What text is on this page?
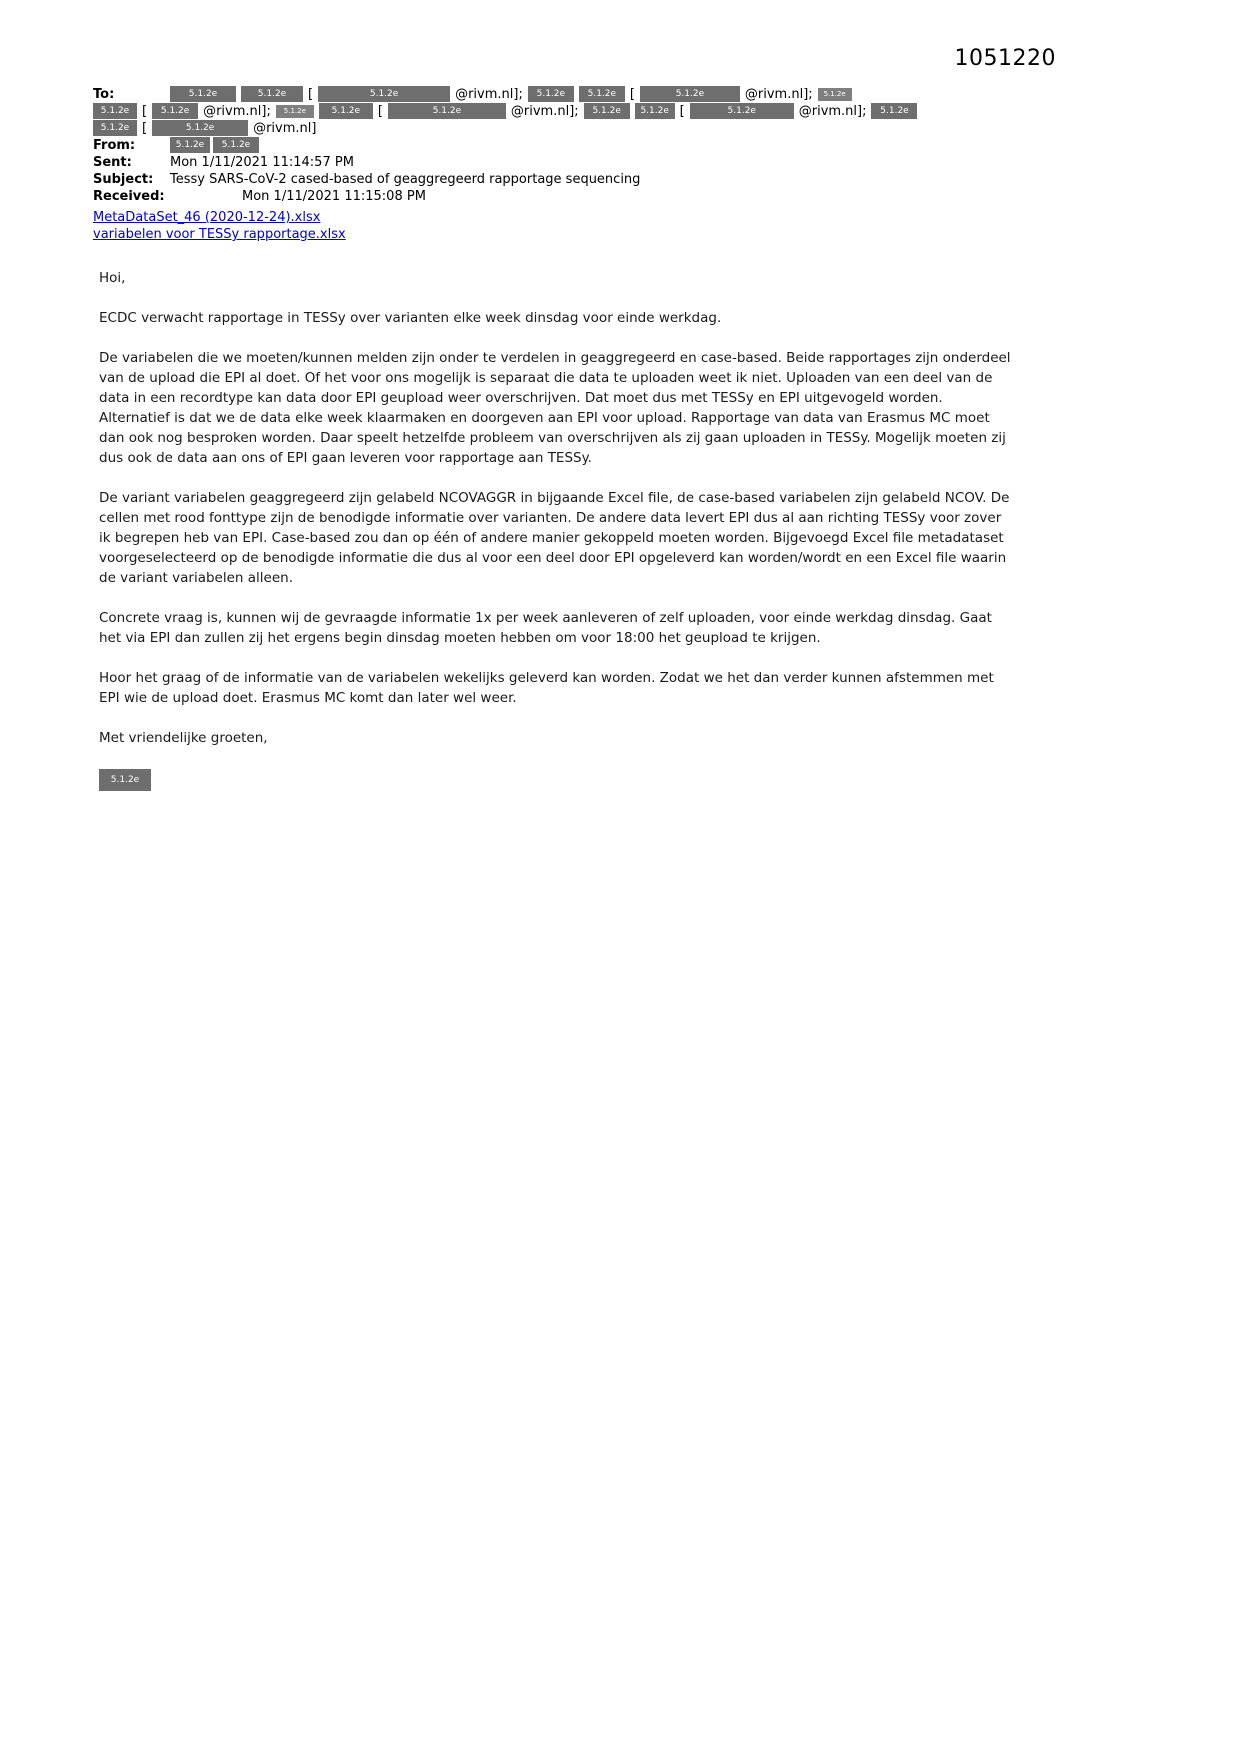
1051220
To:	5.1.2e	5.1.2e	[	5.1.2e	@rivm.nl];	5.1.2e	5.1.2e	[	5.1.2e	@rivm.nl];	5.1.2e
5.1.2e [	5.1.2e	@rivm.nl];	5.1.2e	5.1.2e	[	5.1.2e	@rivm.nl];	5.1.2e	5.1.2e [	5.1.2e	@rivm.nl];	5.1.2e
5.1.2e [	5.1.2e	@rivm.nl]
From:	5.1.2e	5.1.2e
Sent:	Mon 1/11/2021 11:14:57 PM
Subject:	Tessy SARS-CoV-2 cased-based of geaggregeerd rapportage sequencing
Received:	Mon 1/11/2021 11:15:08 PM
MetaDataSet_46 (2020-12-24).xlsx
variabelen voor TESSy rapportage.xlsx

Hoi,

ECDC verwacht rapportage in TESSy over varianten elke week dinsdag voor einde werkdag.

De variabelen die we moeten/kunnen melden zijn onder te verdelen in geaggregeerd en case-based. Beide rapportages zijn onderdeel van de upload die EPI al doet. Of het voor ons mogelijk is separaat die data te uploaden weet ik niet. Uploaden van een deel van de data in een recordtype kan data door EPI geupload weer overschrijven. Dat moet dus met TESSy en EPI uitgevogeld worden. Alternatief is dat we de data elke week klaarmaken en doorgeven aan EPI voor upload. Rapportage van data van Erasmus MC moet dan ook nog besproken worden. Daar speelt hetzelfde probleem van overschrijven als zij gaan uploaden in TESSy. Mogelijk moeten zij dus ook de data aan ons of EPI gaan leveren voor rapportage aan TESSy.

De variant variabelen geaggregeerd zijn gelabeld NCOVAGGR in bijgaande Excel file, de case-based variabelen zijn gelabeld NCOV. De cellen met rood fonttype zijn de benodigde informatie over varianten. De andere data levert EPI dus al aan richting TESSy voor zover ik begrepen heb van EPI. Case-based zou dan op één of andere manier gekoppeld moeten worden. Bijgevoegd Excel file metadataset voorgeselecteerd op de benodigde informatie die dus al voor een deel door EPI opgeleverd kan worden/wordt en een Excel file waarin de variant variabelen alleen.

Concrete vraag is, kunnen wij de gevraagde informatie 1x per week aanleveren of zelf uploaden, voor einde werkdag dinsdag. Gaat het via EPI dan zullen zij het ergens begin dinsdag moeten hebben om voor 18:00 het geupload te krijgen.

Hoor het graag of de informatie van de variabelen wekelijks geleverd kan worden. Zodat we het dan verder kunnen afstemmen met EPI wie de upload doet. Erasmus MC komt dan later wel weer.

Met vriendelijke groeten,

5.1.2e
